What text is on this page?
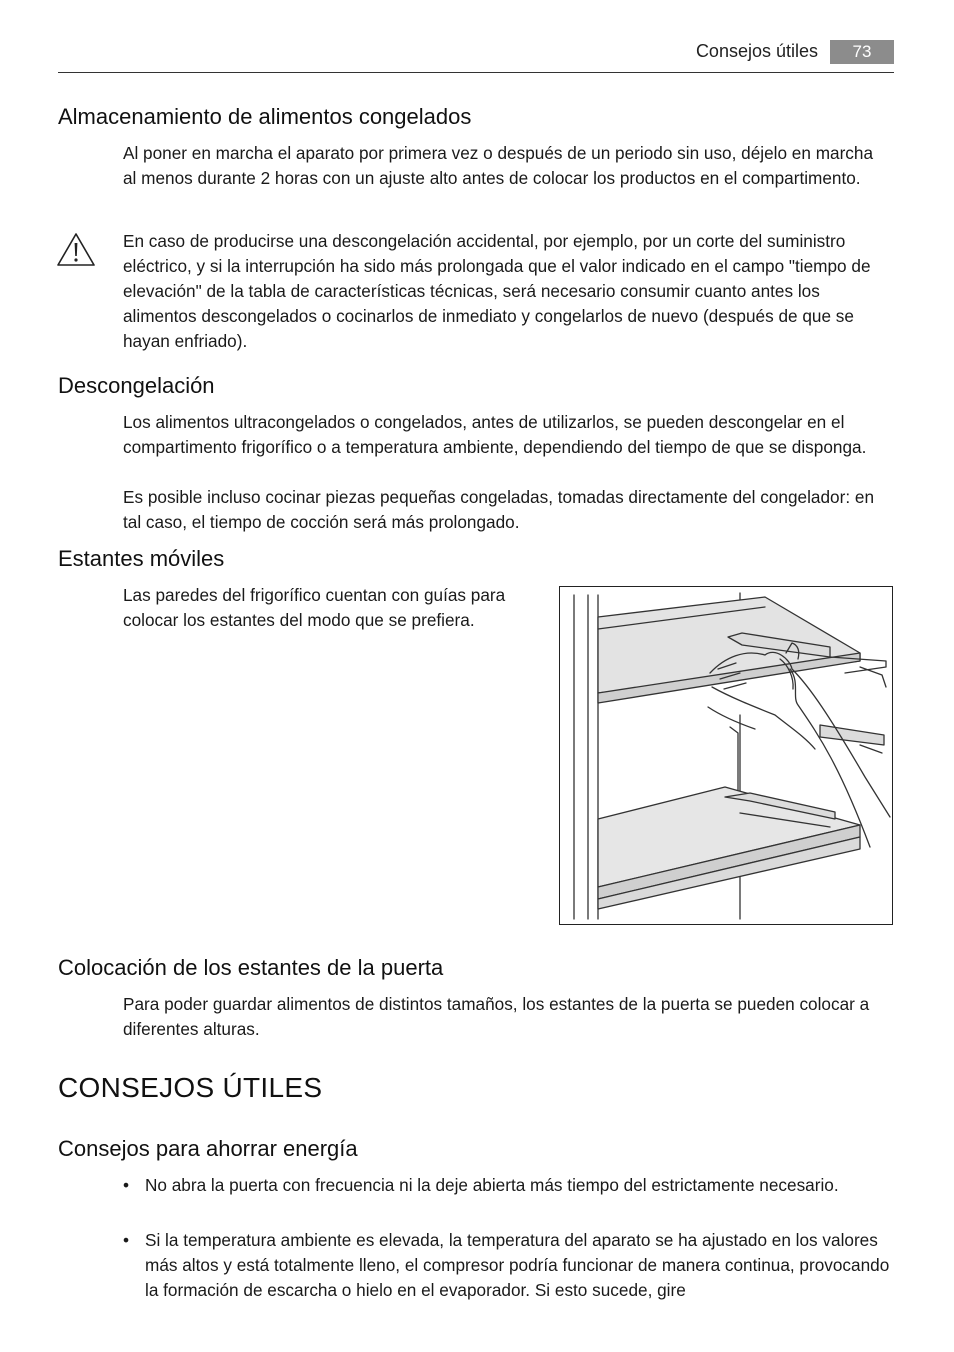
Consejos útiles	73
Almacenamiento de alimentos congelados

Al poner en marcha el aparato por primera vez o después de un periodo sin uso, déjelo en marcha al menos durante 2 horas con un ajuste alto antes de colocar los productos en el compartimento.

En caso de producirse una descongelación accidental, por ejemplo, por un corte del suministro eléctrico, y si la interrupción ha sido más prolongada que el valor indicado en el campo "tiempo de elevación" de la tabla de características técnicas, será necesario consumir cuanto antes los alimentos descongelados o cocinarlos de inmediato y congelarlos de nuevo (después de que se hayan enfriado).

Descongelación

Los alimentos ultracongelados o congelados, antes de utilizarlos, se pueden descongelar en el compartimento frigorífico o a temperatura ambiente, dependiendo del tiempo de que se disponga.

Es posible incluso cocinar piezas pequeñas congeladas, tomadas directamente del congelador: en tal caso, el tiempo de cocción será más prolongado.

Estantes móviles

Las paredes del frigorífico cuentan con guías para colocar los estantes del modo que se prefiera.

Colocación de los estantes de la puerta

Para poder guardar alimentos de distintos tamaños, los estantes de la puerta se pueden colocar a diferentes alturas.

CONSEJOS ÚTILES
Consejos para ahorrar energía
• No abra la puerta con frecuencia ni la deje abierta más tiempo del estrictamente necesario.

• Si la temperatura ambiente es elevada, la temperatura del aparato se ha ajustado en los valores más altos y está totalmente lleno, el compresor podría funcionar de manera continua, provocando la formación de escarcha o hielo en el evaporador. Si esto sucede, gire
